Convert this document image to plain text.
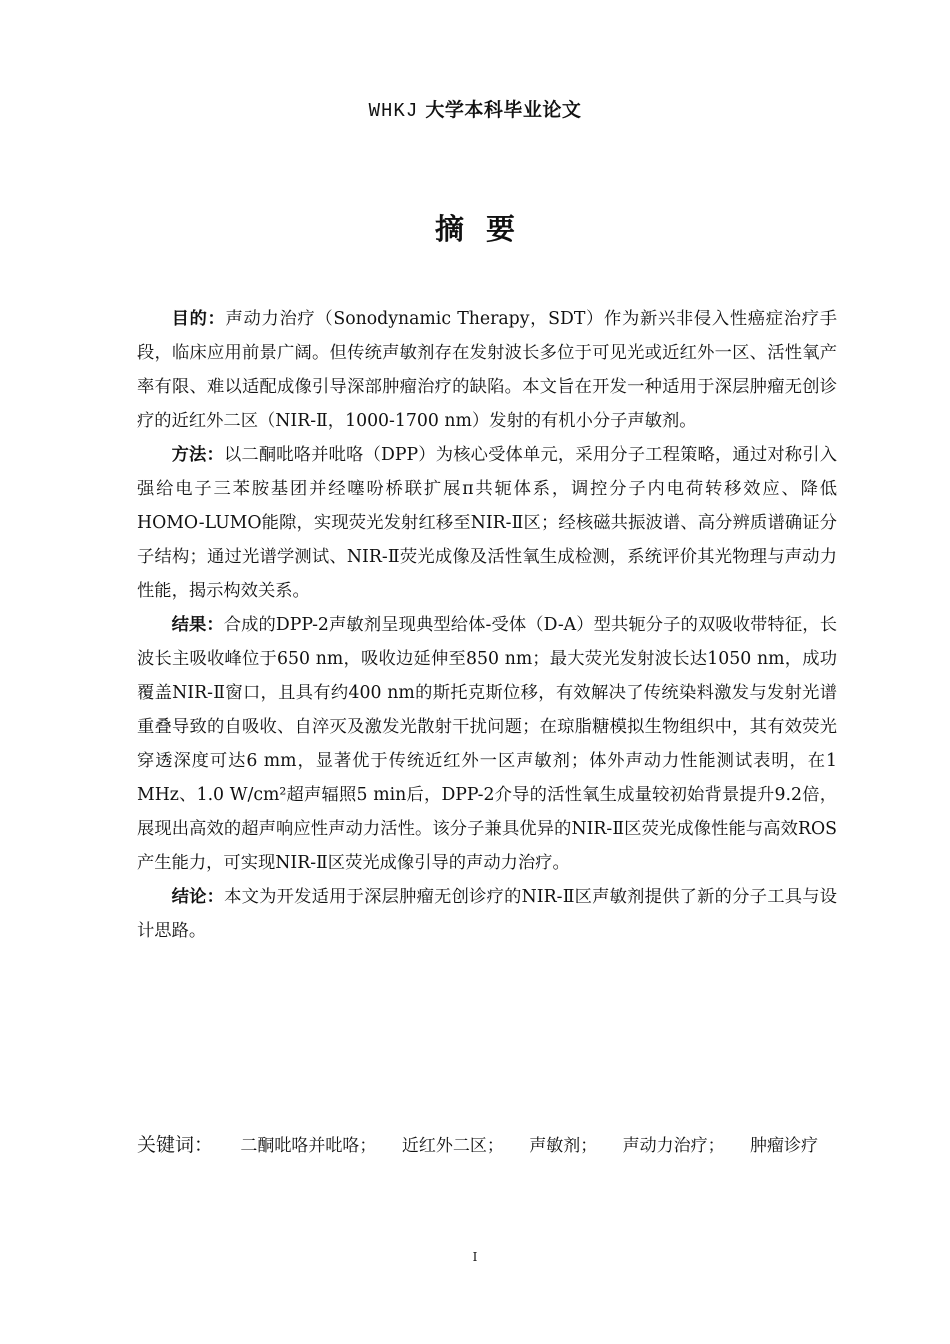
WHKJ 大学本科毕业论文
摘要

目的：声动力治疗（Sonodynamic Therapy，SDT）作为新兴非侵入性癌症治疗手段，临床应用前景广阔。但传统声敏剂存在发射波长多位于可见光或近红外一区、活性氧产率有限、难以适配成像引导深部肿瘤治疗的缺陷。本文旨在开发一种适用于深层肿瘤无创诊疗的近红外二区（NIR-Ⅱ，1000-1700 nm）发射的有机小分子声敏剂。

方法：以二酮吡咯并吡咯（DPP）为核心受体单元，采用分子工程策略，通过对称引入强给电子三苯胺基团并经噻吩桥联扩展π共轭体系，调控分子内电荷转移效应、降低HOMO-LUMO能隙，实现荧光发射红移至NIR-Ⅱ区；经核磁共振波谱、高分辨质谱确证分子结构；通过光谱学测试、NIR-Ⅱ荧光成像及活性氧生成检测，系统评价其光物理与声动力性能，揭示构效关系。

结果：合成的DPP-2声敏剂呈现典型给体-受体（D-A）型共轭分子的双吸收带特征，长波长主吸收峰位于650 nm，吸收边延伸至850 nm；最大荧光发射波长达1050 nm，成功覆盖NIR-Ⅱ窗口，且具有约400 nm的斯托克斯位移，有效解决了传统染料激发与发射光谱重叠导致的自吸收、自淬灭及激发光散射干扰问题；在琼脂糖模拟生物组织中，其有效荧光穿透深度可达6 mm，显著优于传统近红外一区声敏剂；体外声动力性能测试表明，在1 MHz、1.0 W/cm²超声辐照5 min后，DPP-2介导的活性氧生成量较初始背景提升9.2倍，展现出高效的超声响应性声动力活性。该分子兼具优异的NIR-Ⅱ区荧光成像性能与高效ROS产生能力，可实现NIR-Ⅱ区荧光成像引导的声动力治疗。

结论：本文为开发适用于深层肿瘤无创诊疗的NIR-Ⅱ区声敏剂提供了新的分子工具与设计思路。

关键词： 二酮吡咯并吡咯； 近红外二区； 声敏剂； 声动力治疗； 肿瘤诊疗
I
